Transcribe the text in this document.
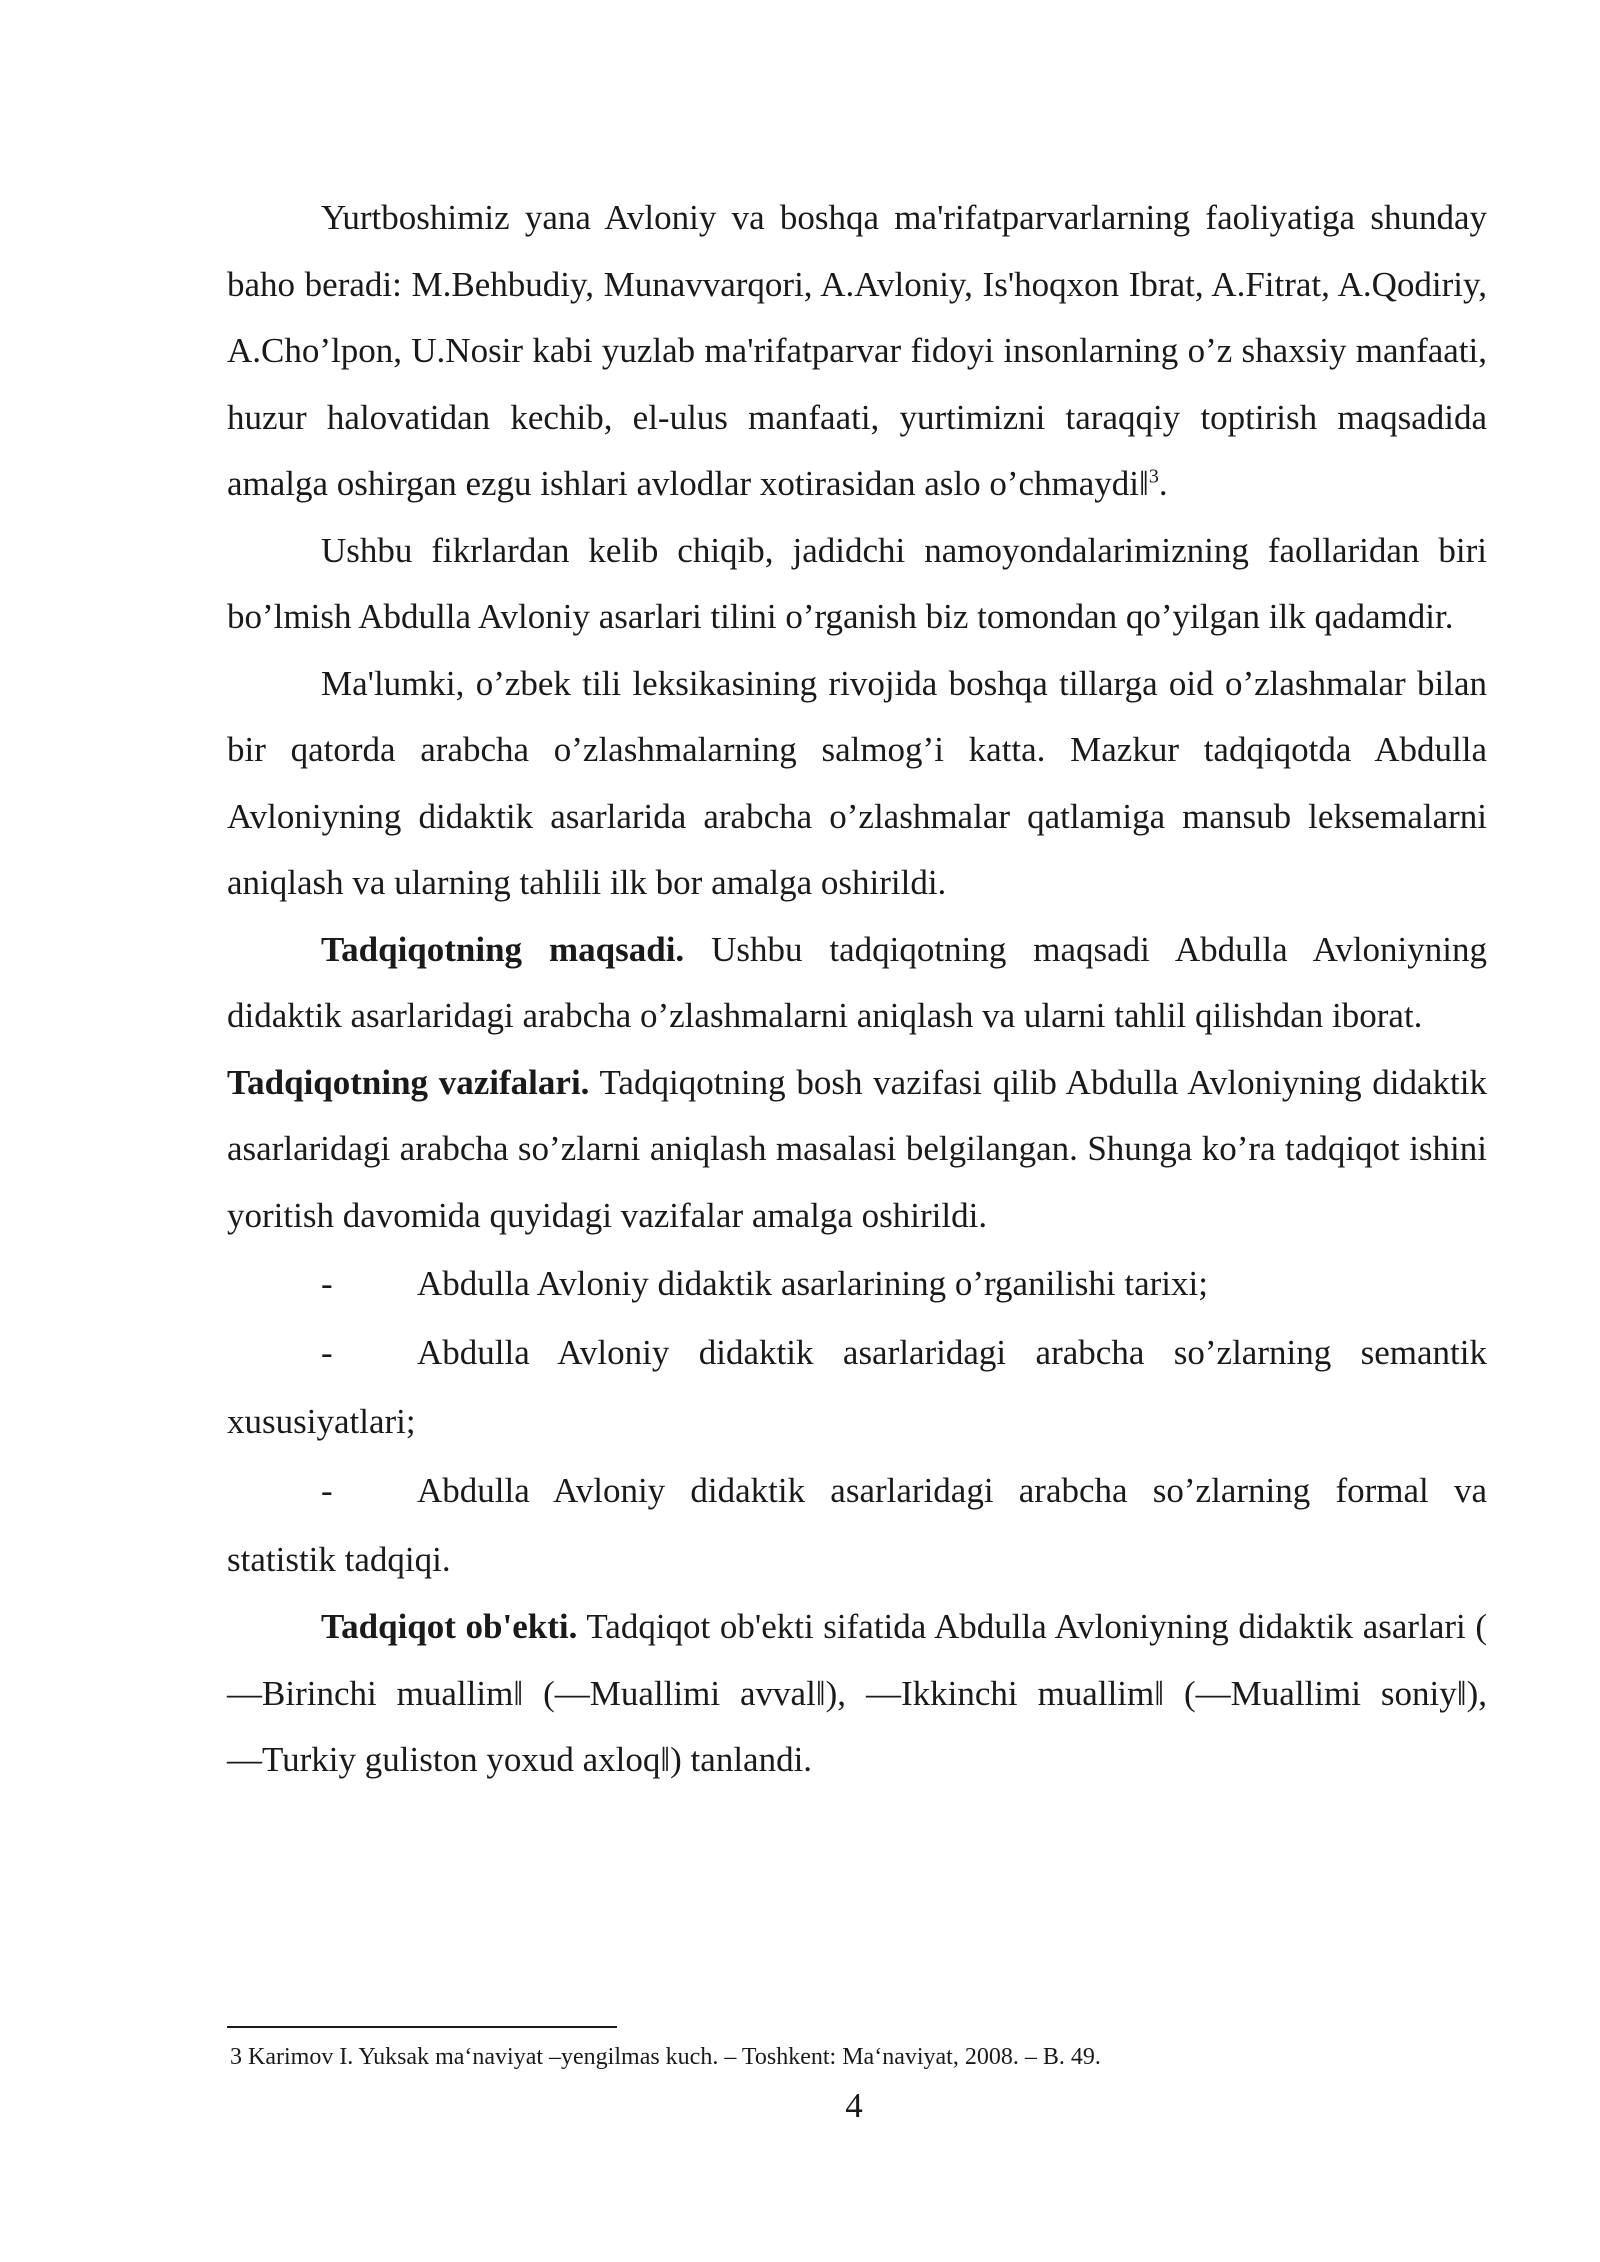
Yurtboshimiz yana Avloniy va boshqa ma'rifatparvarlarning faoliyatiga shunday baho beradi: M.Behbudiy, Munavvarqori, A.Avloniy, Is'hoqxon Ibrat, A.Fitrat, A.Qodiriy, A.Cho’lpon, U.Nosir kabi yuzlab ma'rifatparvar fidoyi insonlarning o’z shaxsiy manfaati, huzur halovatidan kechib, el-ulus manfaati, yurtimizni taraqqiy toptirish maqsadida amalga oshirgan ezgu ishlari avlodlar xotirasidan aslo o’chmaydi‖$^3$.

Ushbu fikrlardan kelib chiqib, jadidchi namoyondalarimizning faollaridan biri bo’lmish Abdulla Avloniy asarlari tilini o’rganish biz tomondan qo’yilgan ilk qadamdir.

Ma'lumki, o’zbek tili leksikasining rivojida boshqa tillarga oid o’zlashmalar bilan bir qatorda arabcha o’zlashmalarning salmog’i katta. Mazkur tadqiqotda Abdulla Avloniyning didaktik asarlarida arabcha o’zlashmalar qatlamiga mansub leksemalarni aniqlash va ularning tahlili ilk bor amalga oshirildi.

Tadqiqotning maqsadi. Ushbu tadqiqotning maqsadi Abdulla Avloniyning didaktik asarlaridagi arabcha o’zlashmalarni aniqlash va ularni tahlil qilishdan iborat.

Tadqiqotning vazifalari. Tadqiqotning bosh vazifasi qilib Abdulla Avloniyning didaktik asarlaridagi arabcha so’zlarni aniqlash masalasi belgilangan. Shunga ko’ra tadqiqot ishini yoritish davomida quyidagi vazifalar amalga oshirildi.

- Abdulla Avloniy didaktik asarlarining o’rganilishi tarixi;

- Abdulla Avloniy didaktik asarlaridagi arabcha so’zlarning semantik xususiyatlari;

- Abdulla Avloniy didaktik asarlaridagi arabcha so’zlarning formal va statistik tadqiqi.

Tadqiqot ob'ekti. Tadqiqot ob'ekti sifatida Abdulla Avloniyning didaktik asarlari ( ―Birinchi muallim‖ (―Muallimi avval‖), ―Ikkinchi muallim‖ (―Muallimi soniy‖), ―Turkiy guliston yoxud axloq‖) tanlandi.

3 Karimov I. Yuksak ma‘naviyat –yengilmas kuch. – Toshkent: Ma‘naviyat, 2008. – B. 49.

4
